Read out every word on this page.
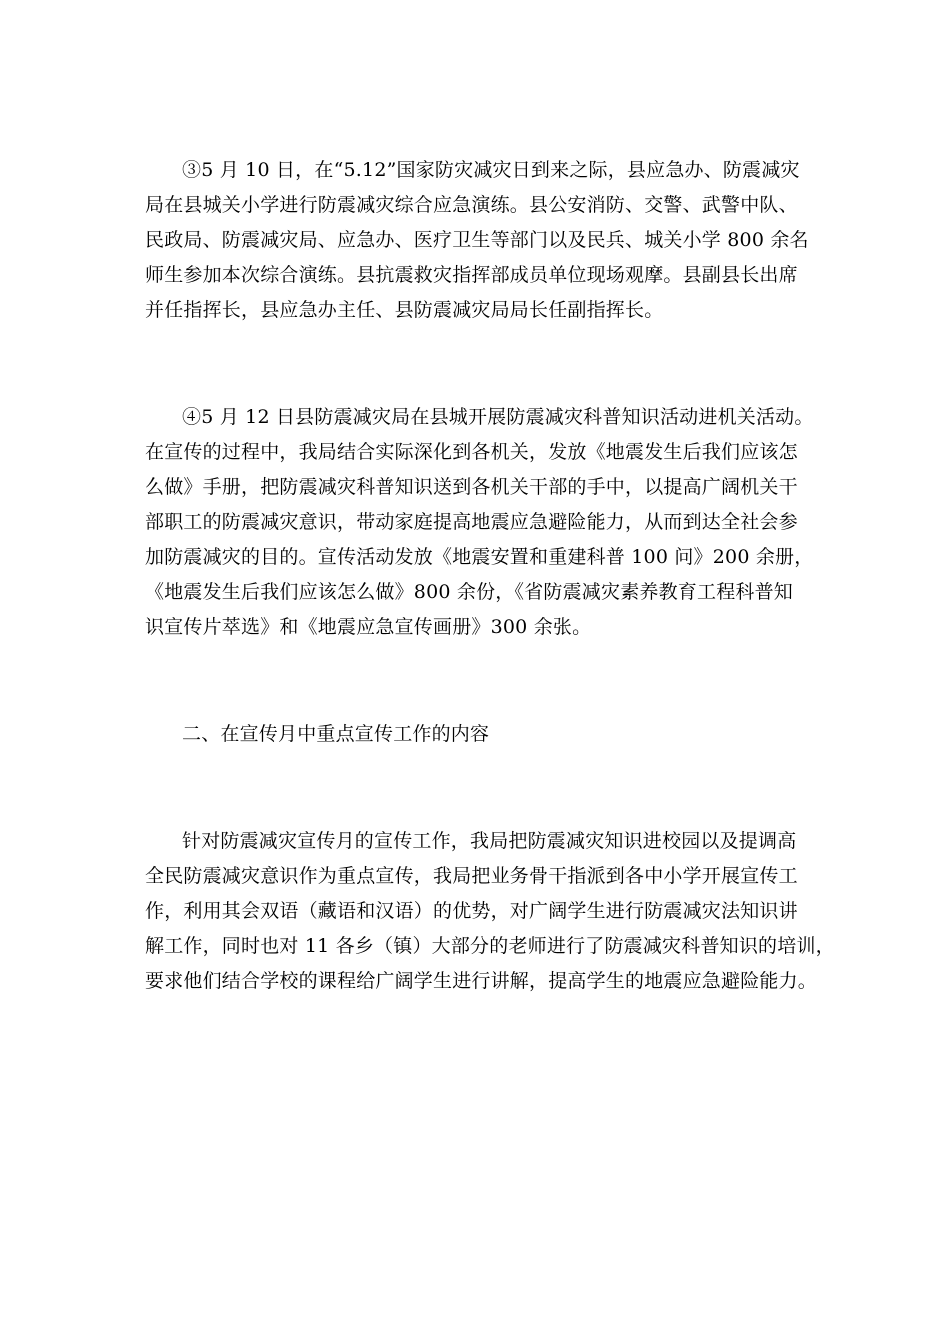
③5 月 10 日，在“5.12”国家防灾减灾日到来之际，县应急办、防震减灾
局在县城关小学进行防震减灾综合应急演练。县公安消防、交警、武警中队、
民政局、防震减灾局、应急办、医疗卫生等部门以及民兵、城关小学 800 余名
师生参加本次综合演练。县抗震救灾指挥部成员单位现场观摩。县副县长出席
并任指挥长，县应急办主任、县防震减灾局局长任副指挥长。
④5 月 12 日县防震减灾局在县城开展防震减灾科普知识活动进机关活动。
在宣传的过程中，我局结合实际深化到各机关，发放《地震发生后我们应该怎
么做》手册，把防震减灾科普知识送到各机关干部的手中，以提高广阔机关干
部职工的防震减灾意识，带动家庭提高地震应急避险能力，从而到达全社会参
加防震减灾的目的。宣传活动发放《地震安置和重建科普 100 问》200 余册，
《地震发生后我们应该怎么做》800 余份，《省防震减灾素养教育工程科普知
识宣传片萃选》和《地震应急宣传画册》300 余张。
二、在宣传月中重点宣传工作的内容
针对防震减灾宣传月的宣传工作，我局把防震减灾知识进校园以及提调高
全民防震减灾意识作为重点宣传，我局把业务骨干指派到各中小学开展宣传工
作，利用其会双语（藏语和汉语）的优势，对广阔学生进行防震减灾法知识讲
解工作，同时也对 11 各乡（镇）大部分的老师进行了防震减灾科普知识的培训，
要求他们结合学校的课程给广阔学生进行讲解，提高学生的地震应急避险能力。
